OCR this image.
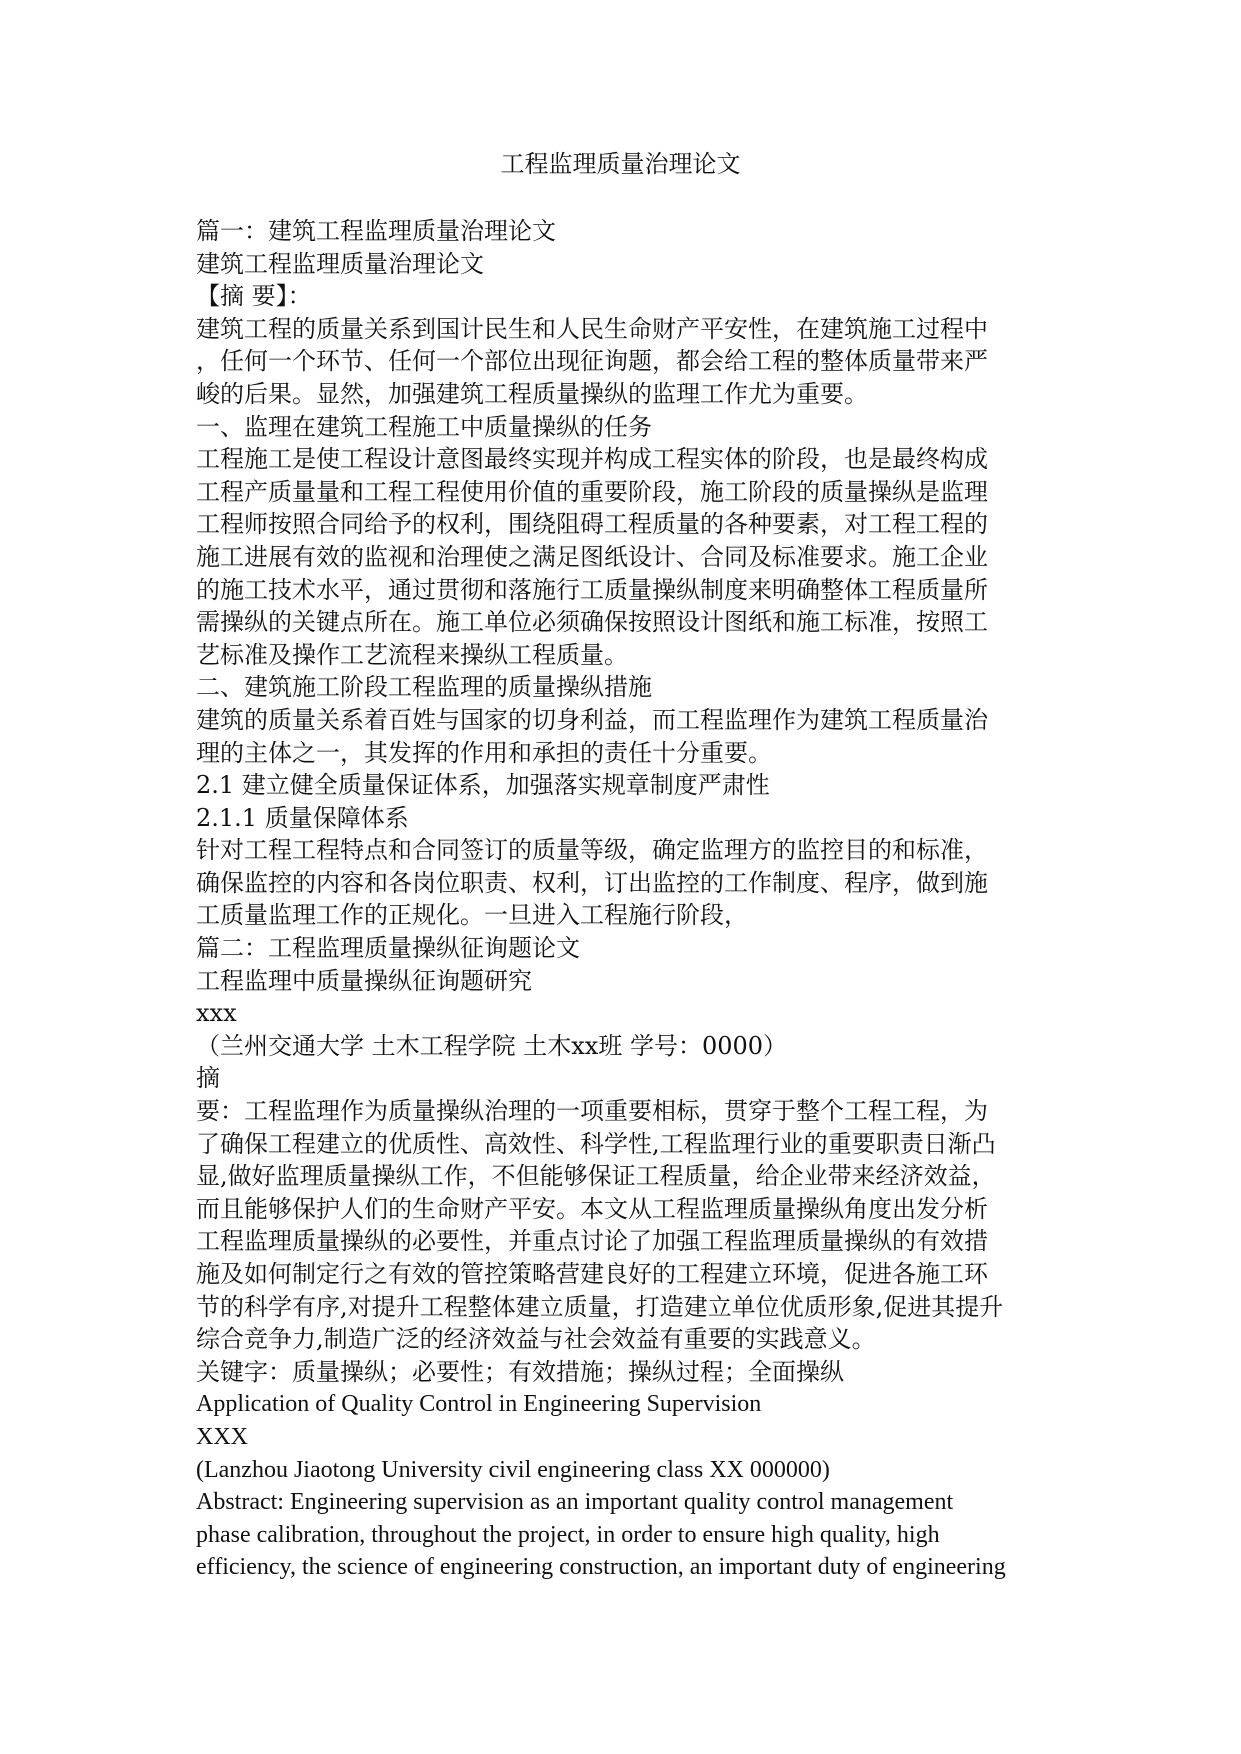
工程监理质量治理论文
篇一：建筑工程监理质量治理论文
建筑工程监理质量治理论文
【摘 要】：
建筑工程的质量关系到国计民生和人民生命财产平安性，在建筑施工过程中
，任何一个环节、任何一个部位出现征询题，都会给工程的整体质量带来严
峻的后果。显然，加强建筑工程质量操纵的监理工作尤为重要。
一、监理在建筑工程施工中质量操纵的任务
工程施工是使工程设计意图最终实现并构成工程实体的阶段，也是最终构成
工程产质量量和工程工程使用价值的重要阶段，施工阶段的质量操纵是监理
工程师按照合同给予的权利，围绕阻碍工程质量的各种要素，对工程工程的
施工进展有效的监视和治理使之满足图纸设计、合同及标准要求。施工企业
的施工技术水平，通过贯彻和落施行工质量操纵制度来明确整体工程质量所
需操纵的关键点所在。施工单位必须确保按照设计图纸和施工标准，按照工
艺标准及操作工艺流程来操纵工程质量。
二、建筑施工阶段工程监理的质量操纵措施
建筑的质量关系着百姓与国家的切身利益，而工程监理作为建筑工程质量治
理的主体之一，其发挥的作用和承担的责任十分重要。
2.1 建立健全质量保证体系，加强落实规章制度严肃性
2.1.1 质量保障体系
针对工程工程特点和合同签订的质量等级，确定监理方的监控目的和标准，
确保监控的内容和各岗位职责、权利，订出监控的工作制度、程序，做到施
工质量监理工作的正规化。一旦进入工程施行阶段，
篇二：工程监理质量操纵征询题论文
工程监理中质量操纵征询题研究
xxx
（兰州交通大学 土木工程学院 土木xx班 学号：0000）
摘
要：工程监理作为质量操纵治理的一项重要相标，贯穿于整个工程工程，为
了确保工程建立的优质性、高效性、科学性,工程监理行业的重要职责日渐凸
显,做好监理质量操纵工作，不但能够保证工程质量，给企业带来经济效益，
而且能够保护人们的生命财产平安。本文从工程监理质量操纵角度出发分析
工程监理质量操纵的必要性，并重点讨论了加强工程监理质量操纵的有效措
施及如何制定行之有效的管控策略营建良好的工程建立环境，促进各施工环
节的科学有序,对提升工程整体建立质量，打造建立单位优质形象,促进其提升
综合竞争力,制造广泛的经济效益与社会效益有重要的实践意义。
关键字：质量操纵；必要性；有效措施；操纵过程；全面操纵
Application of Quality Control in Engineering Supervision
XXX
(Lanzhou Jiaotong University civil engineering class XX 000000)
Abstract: Engineering supervision as an important quality control management
phase calibration, throughout the project, in order to ensure high quality, high
efficiency, the science of engineering construction, an important duty of engineering
